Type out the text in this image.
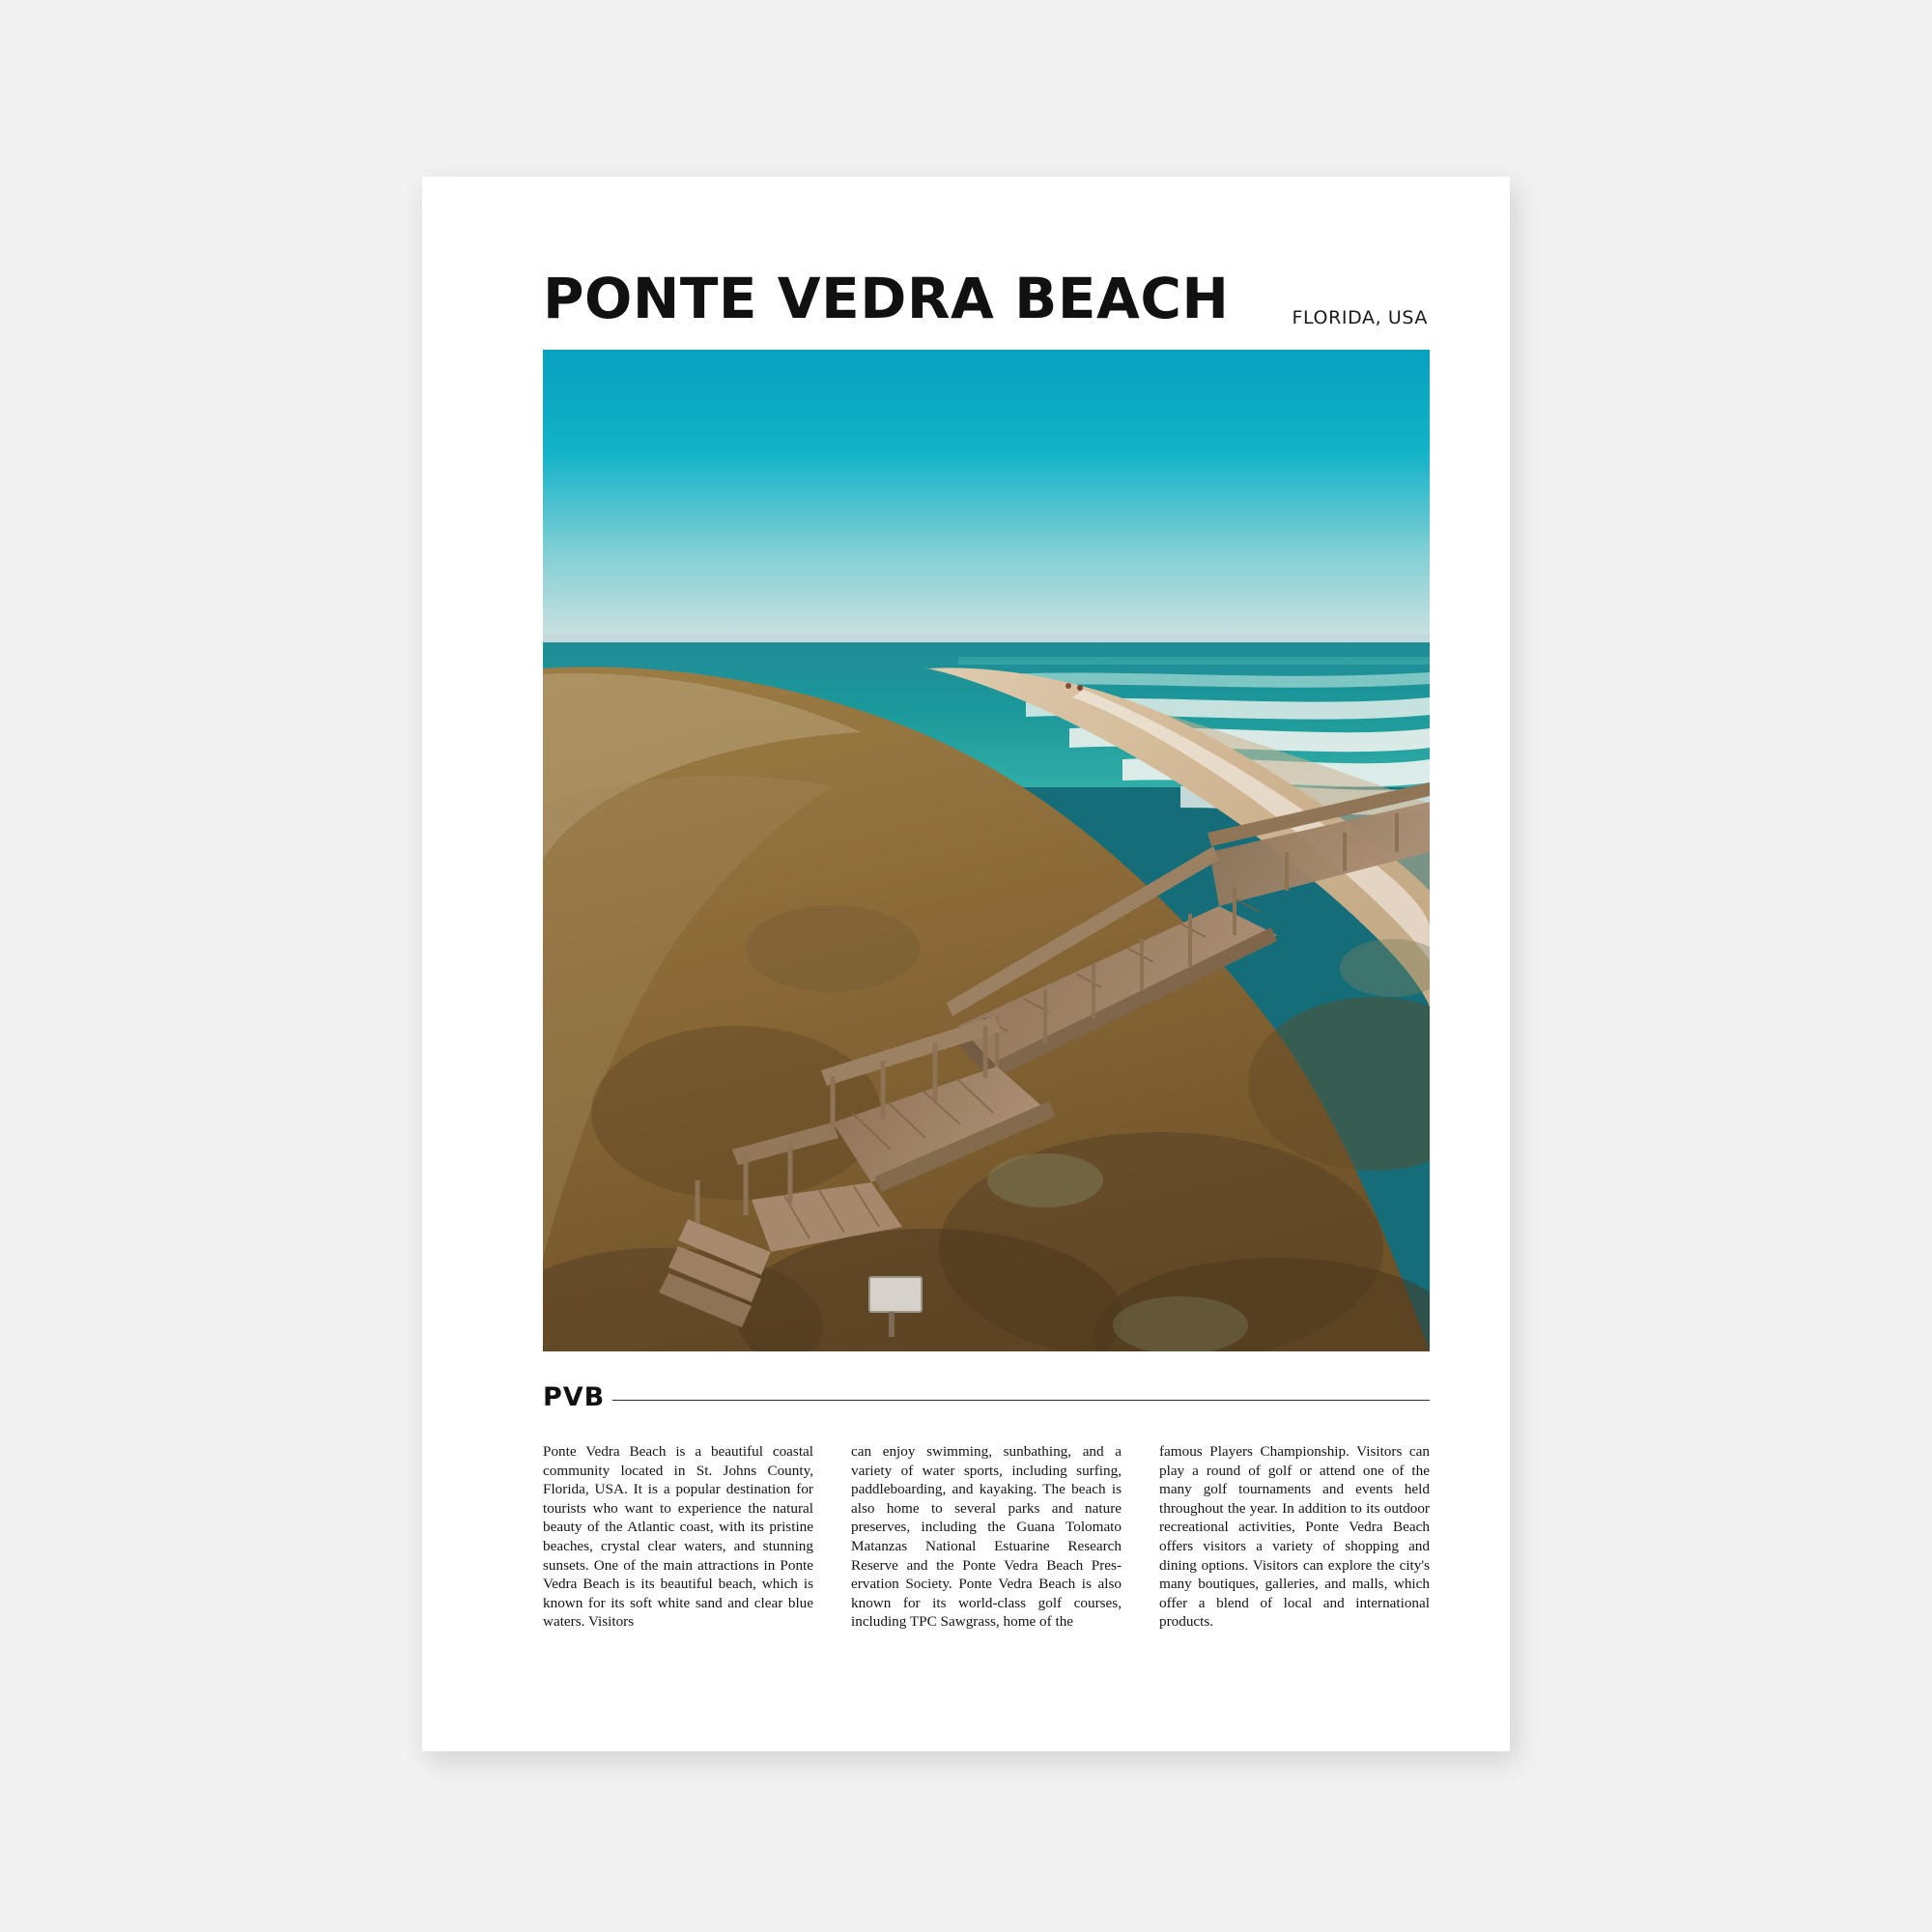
PONTE VEDRA BEACH	FLORIDA, USA
PVB
Ponte Vedra Beach is a beautiful coastal community located in St. Johns County, Florida, USA. It is a popular destination for tourists who want to experience the natural beauty of the Atlantic coast, with its pristine beaches, crystal clear waters, and stunning sunsets. One of the main attractions in Ponte Vedra Beach is its beautiful beach, which is known for its soft white sand and clear blue waters. Visitors
can enjoy swimming, sunbathing, and a variety of water sports, including surfing, paddleboarding, and kayaking. The beach is also home to several parks and nature preserves, including the Guana Tolomato Matanzas National Estuarine Research Reserve and the Ponte Vedra Beach Pres-ervation Society. Ponte Vedra Beach is also known for its world-class golf courses, including TPC Sawgrass, home of the
famous Players Championship. Visitors can play a round of golf or attend one of the many golf tournaments and events held throughout the year. In addition to its outdoor recreational activities, Ponte Vedra Beach offers visitors a variety of shopping and dining options. Visitors can explore the city's many boutiques, galleries, and malls, which offer a blend of local and international products.
